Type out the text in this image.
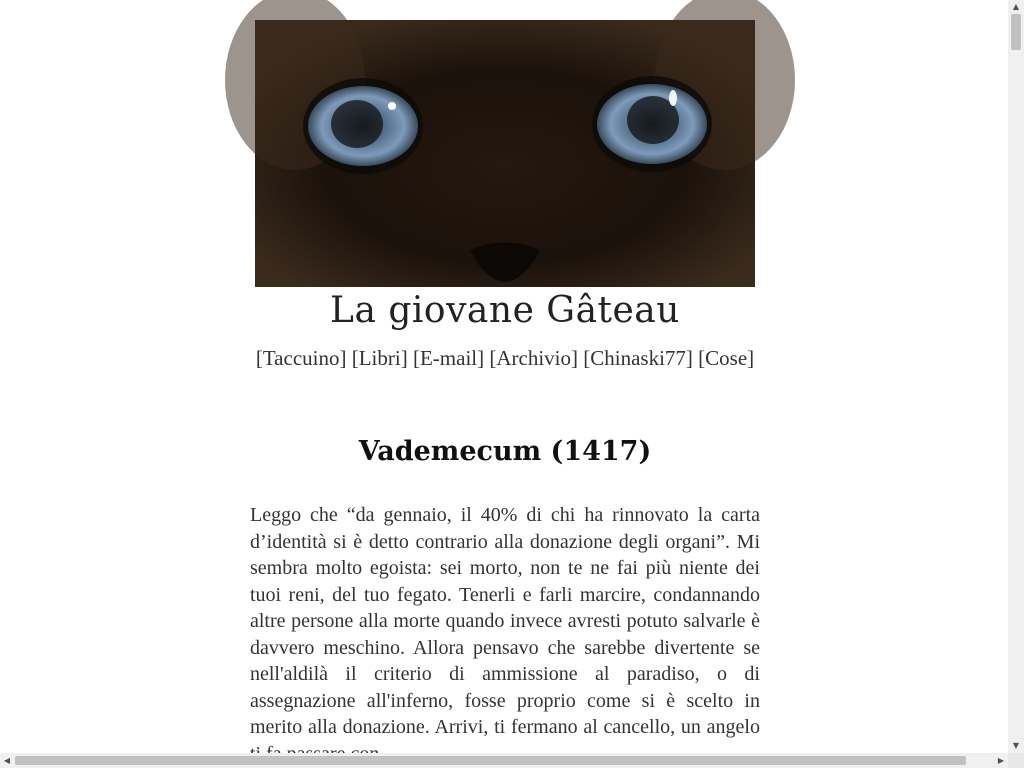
La giovane Gâteau
[Taccuino] [Libri] [E-mail] [Archivio] [Chinaski77] [Cose]
Vademecum (1417)
Leggo che “da gennaio, il 40% di chi ha rinnovato la carta d’identità si è detto contrario alla donazione degli organi”. Mi sembra molto egoista: sei morto, non te ne fai più niente dei tuoi reni, del tuo fegato. Tenerli e farli marcire, condannando altre persone alla morte quando invece avresti potuto salvarle è davvero meschino. Allora pensavo che sarebbe divertente se nell'aldilà il criterio di ammissione al paradiso, o di assegnazione all'inferno, fosse proprio come si è scelto in merito alla donazione. Arrivi, ti fermano al cancello, un angelo
▲
▼
◀	▶
